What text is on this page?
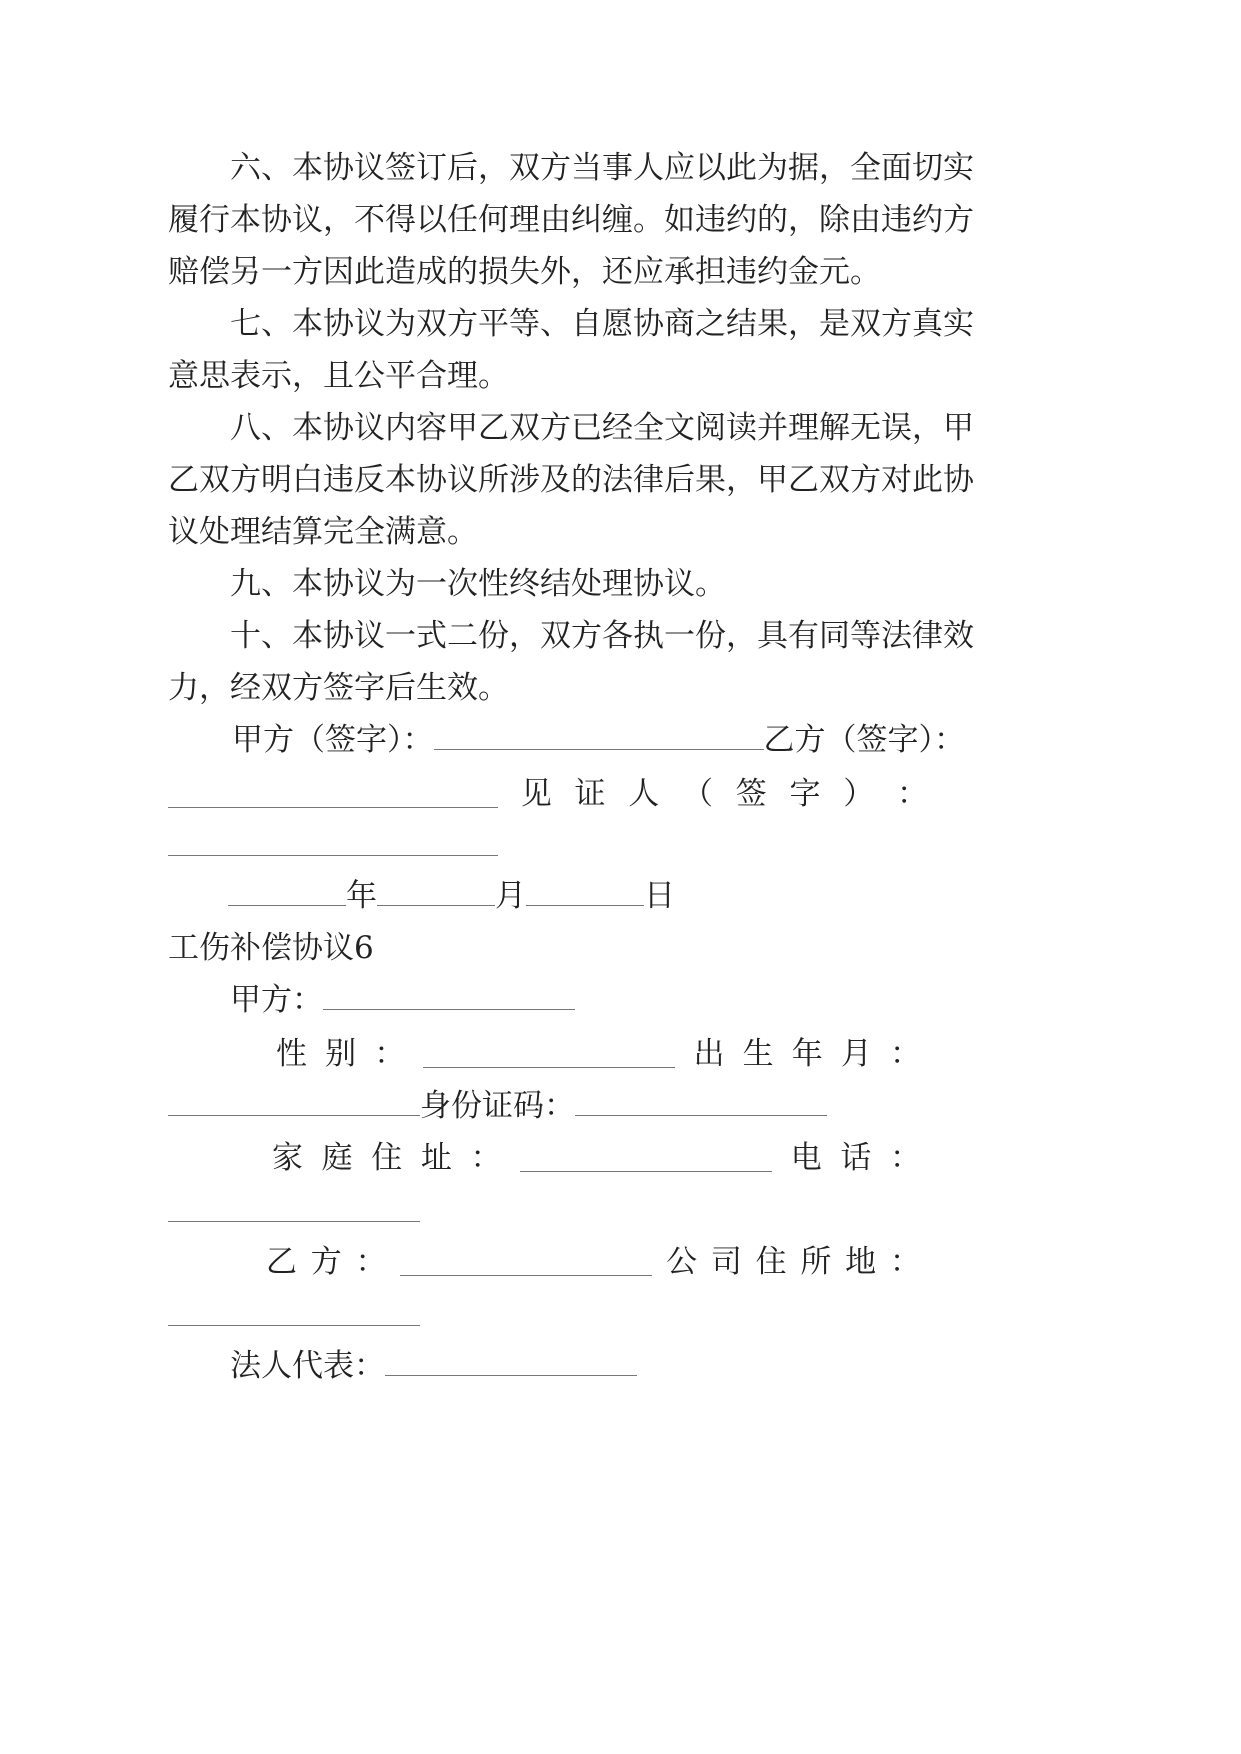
六、本协议签订后，双方当事人应以此为据，全面切实
履行本协议，不得以任何理由纠缠。如违约的，除由违约方
赔偿另一方因此造成的损失外，还应承担违约金元。
七、本协议为双方平等、自愿协商之结果，是双方真实
意思表示，且公平合理。
八、本协议内容甲乙双方已经全文阅读并理解无误，甲
乙双方明白违反本协议所涉及的法律后果，甲乙双方对此协
议处理结算完全满意。
九、本协议为一次性终结处理协议。
十、本协议一式二份，双方各执一份，具有同等法律效
力，经双方签字后生效。
甲方（签字）：	乙方（签字）：
见 证 人 （ 签 字 ） ：
年	月	日
工伤补偿协议6
甲方：
性 别 ：	出 生 年 月 ：
身份证码：
家 庭 住 址 ：	电 话 ：
乙 方 ：	公 司 住 所 地 ：
法人代表：
